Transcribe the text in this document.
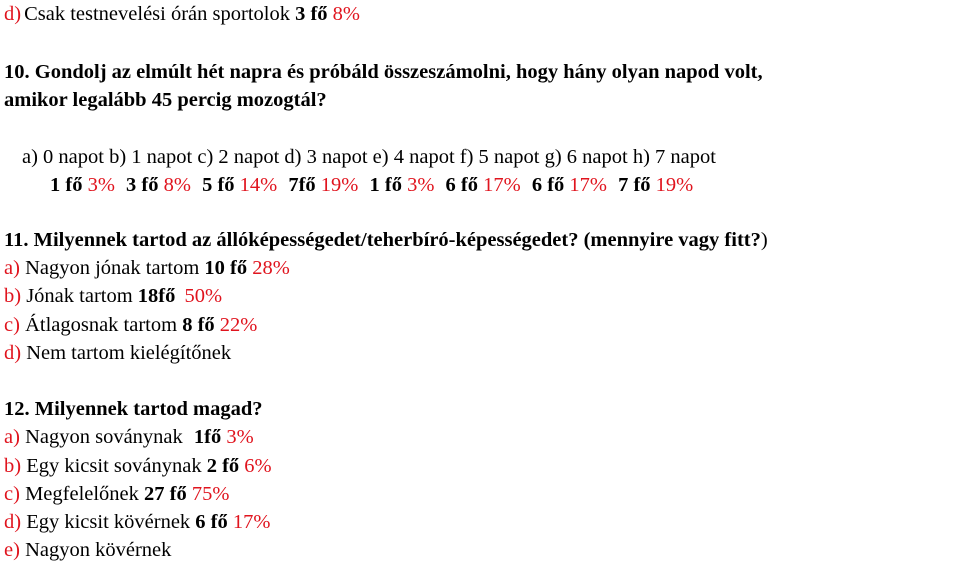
d) Csak testnevelési órán sportolok 3 fő 8%
10. Gondolj az elmúlt hét napra és próbáld összeszámolni, hogy hány olyan napod volt,
amikor legalább 45 percig mozogtál?
a) 0 napot b) 1 napot c) 2 napot d) 3 napot e) 4 napot f) 5 napot g) 6 napot h) 7 napot
1 fő 3% 3 fő 8% 5 fő 14% 7fő 19% 1 fő 3% 6 fő 17% 6 fő 17% 7 fő 19%
11. Milyennek tartod az állóképességedet/teherbíró-képességedet? (mennyire vagy fitt?)
a) Nagyon jónak tartom 10 fő 28%
b) Jónak tartom 18fő 50%
c) Átlagosnak tartom 8 fő 22%
d) Nem tartom kielégítőnek
12. Milyennek tartod magad?
a) Nagyon soványnak 1fő 3%
b) Egy kicsit soványnak 2 fő 6%
c) Megfelelőnek 27 fő 75%
d) Egy kicsit kövérnek 6 fő 17%
e) Nagyon kövérnek
